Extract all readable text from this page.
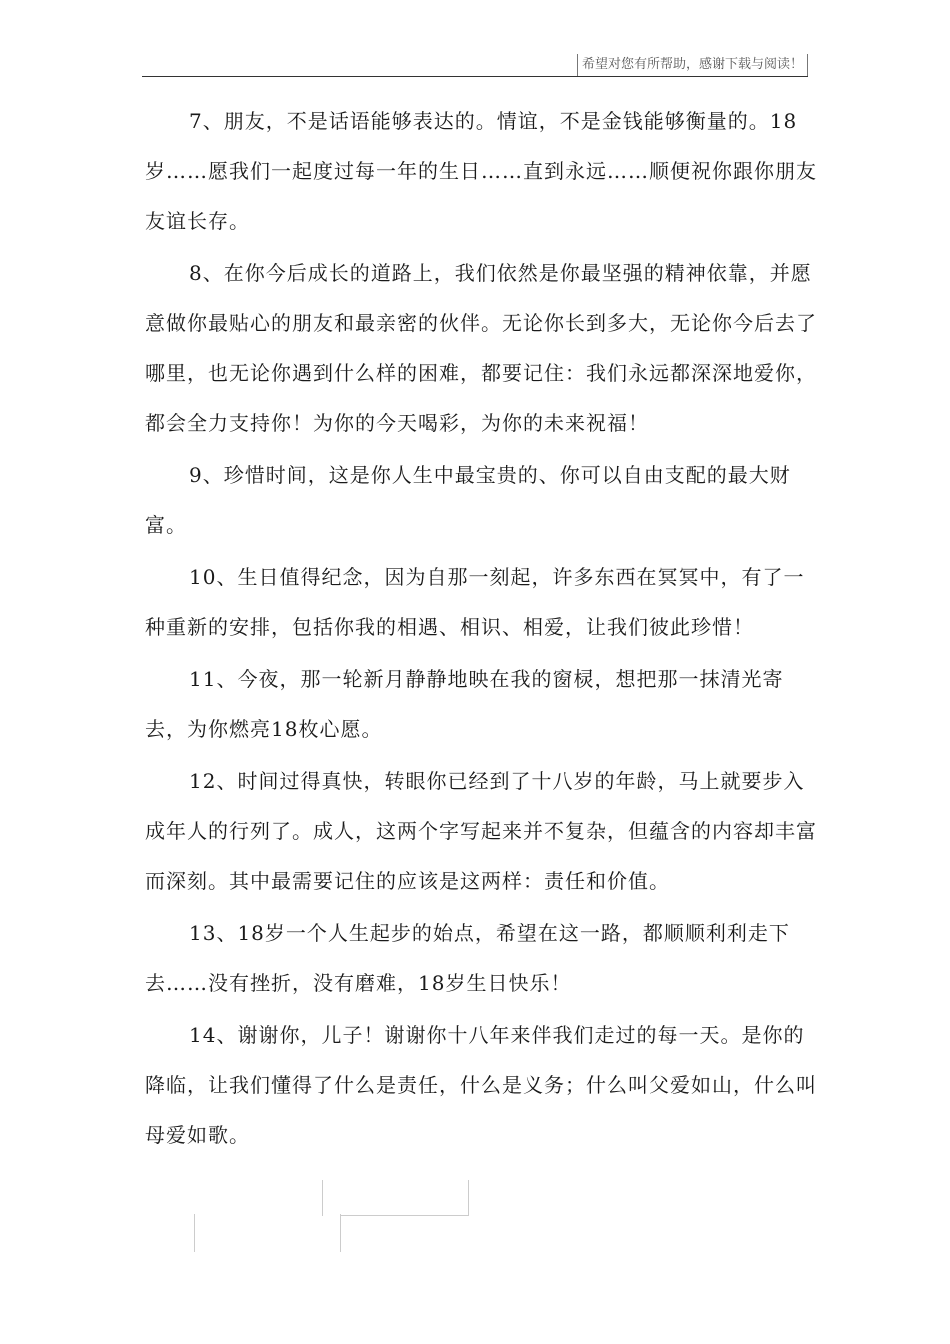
希望对您有所帮助，感谢下载与阅读！

7、朋友，不是话语能够表达的。情谊，不是金钱能够衡量的。18岁……愿我们一起度过每一年的生日……直到永远……顺便祝你跟你朋友友谊长存。

8、在你今后成长的道路上，我们依然是你最坚强的精神依靠，并愿意做你最贴心的朋友和最亲密的伙伴。无论你长到多大，无论你今后去了哪里，也无论你遇到什么样的困难，都要记住：我们永远都深深地爱你，都会全力支持你！为你的今天喝彩，为你的未来祝福！

9、珍惜时间，这是你人生中最宝贵的、你可以自由支配的最大财富。

10、生日值得纪念，因为自那一刻起，许多东西在冥冥中，有了一种重新的安排，包括你我的相遇、相识、相爱，让我们彼此珍惜！

11、今夜，那一轮新月静静地映在我的窗棂，想把那一抹清光寄去，为你燃亮18枚心愿。

12、时间过得真快，转眼你已经到了十八岁的年龄，马上就要步入成年人的行列了。成人，这两个字写起来并不复杂，但蕴含的内容却丰富而深刻。其中最需要记住的应该是这两样：责任和价值。

13、18岁一个人生起步的始点，希望在这一路，都顺顺利利走下去……没有挫折，没有磨难，18岁生日快乐！

14、谢谢你，儿子！谢谢你十八年来伴我们走过的每一天。是你的降临，让我们懂得了什么是责任，什么是义务；什么叫父爱如山，什么叫母爱如歌。
